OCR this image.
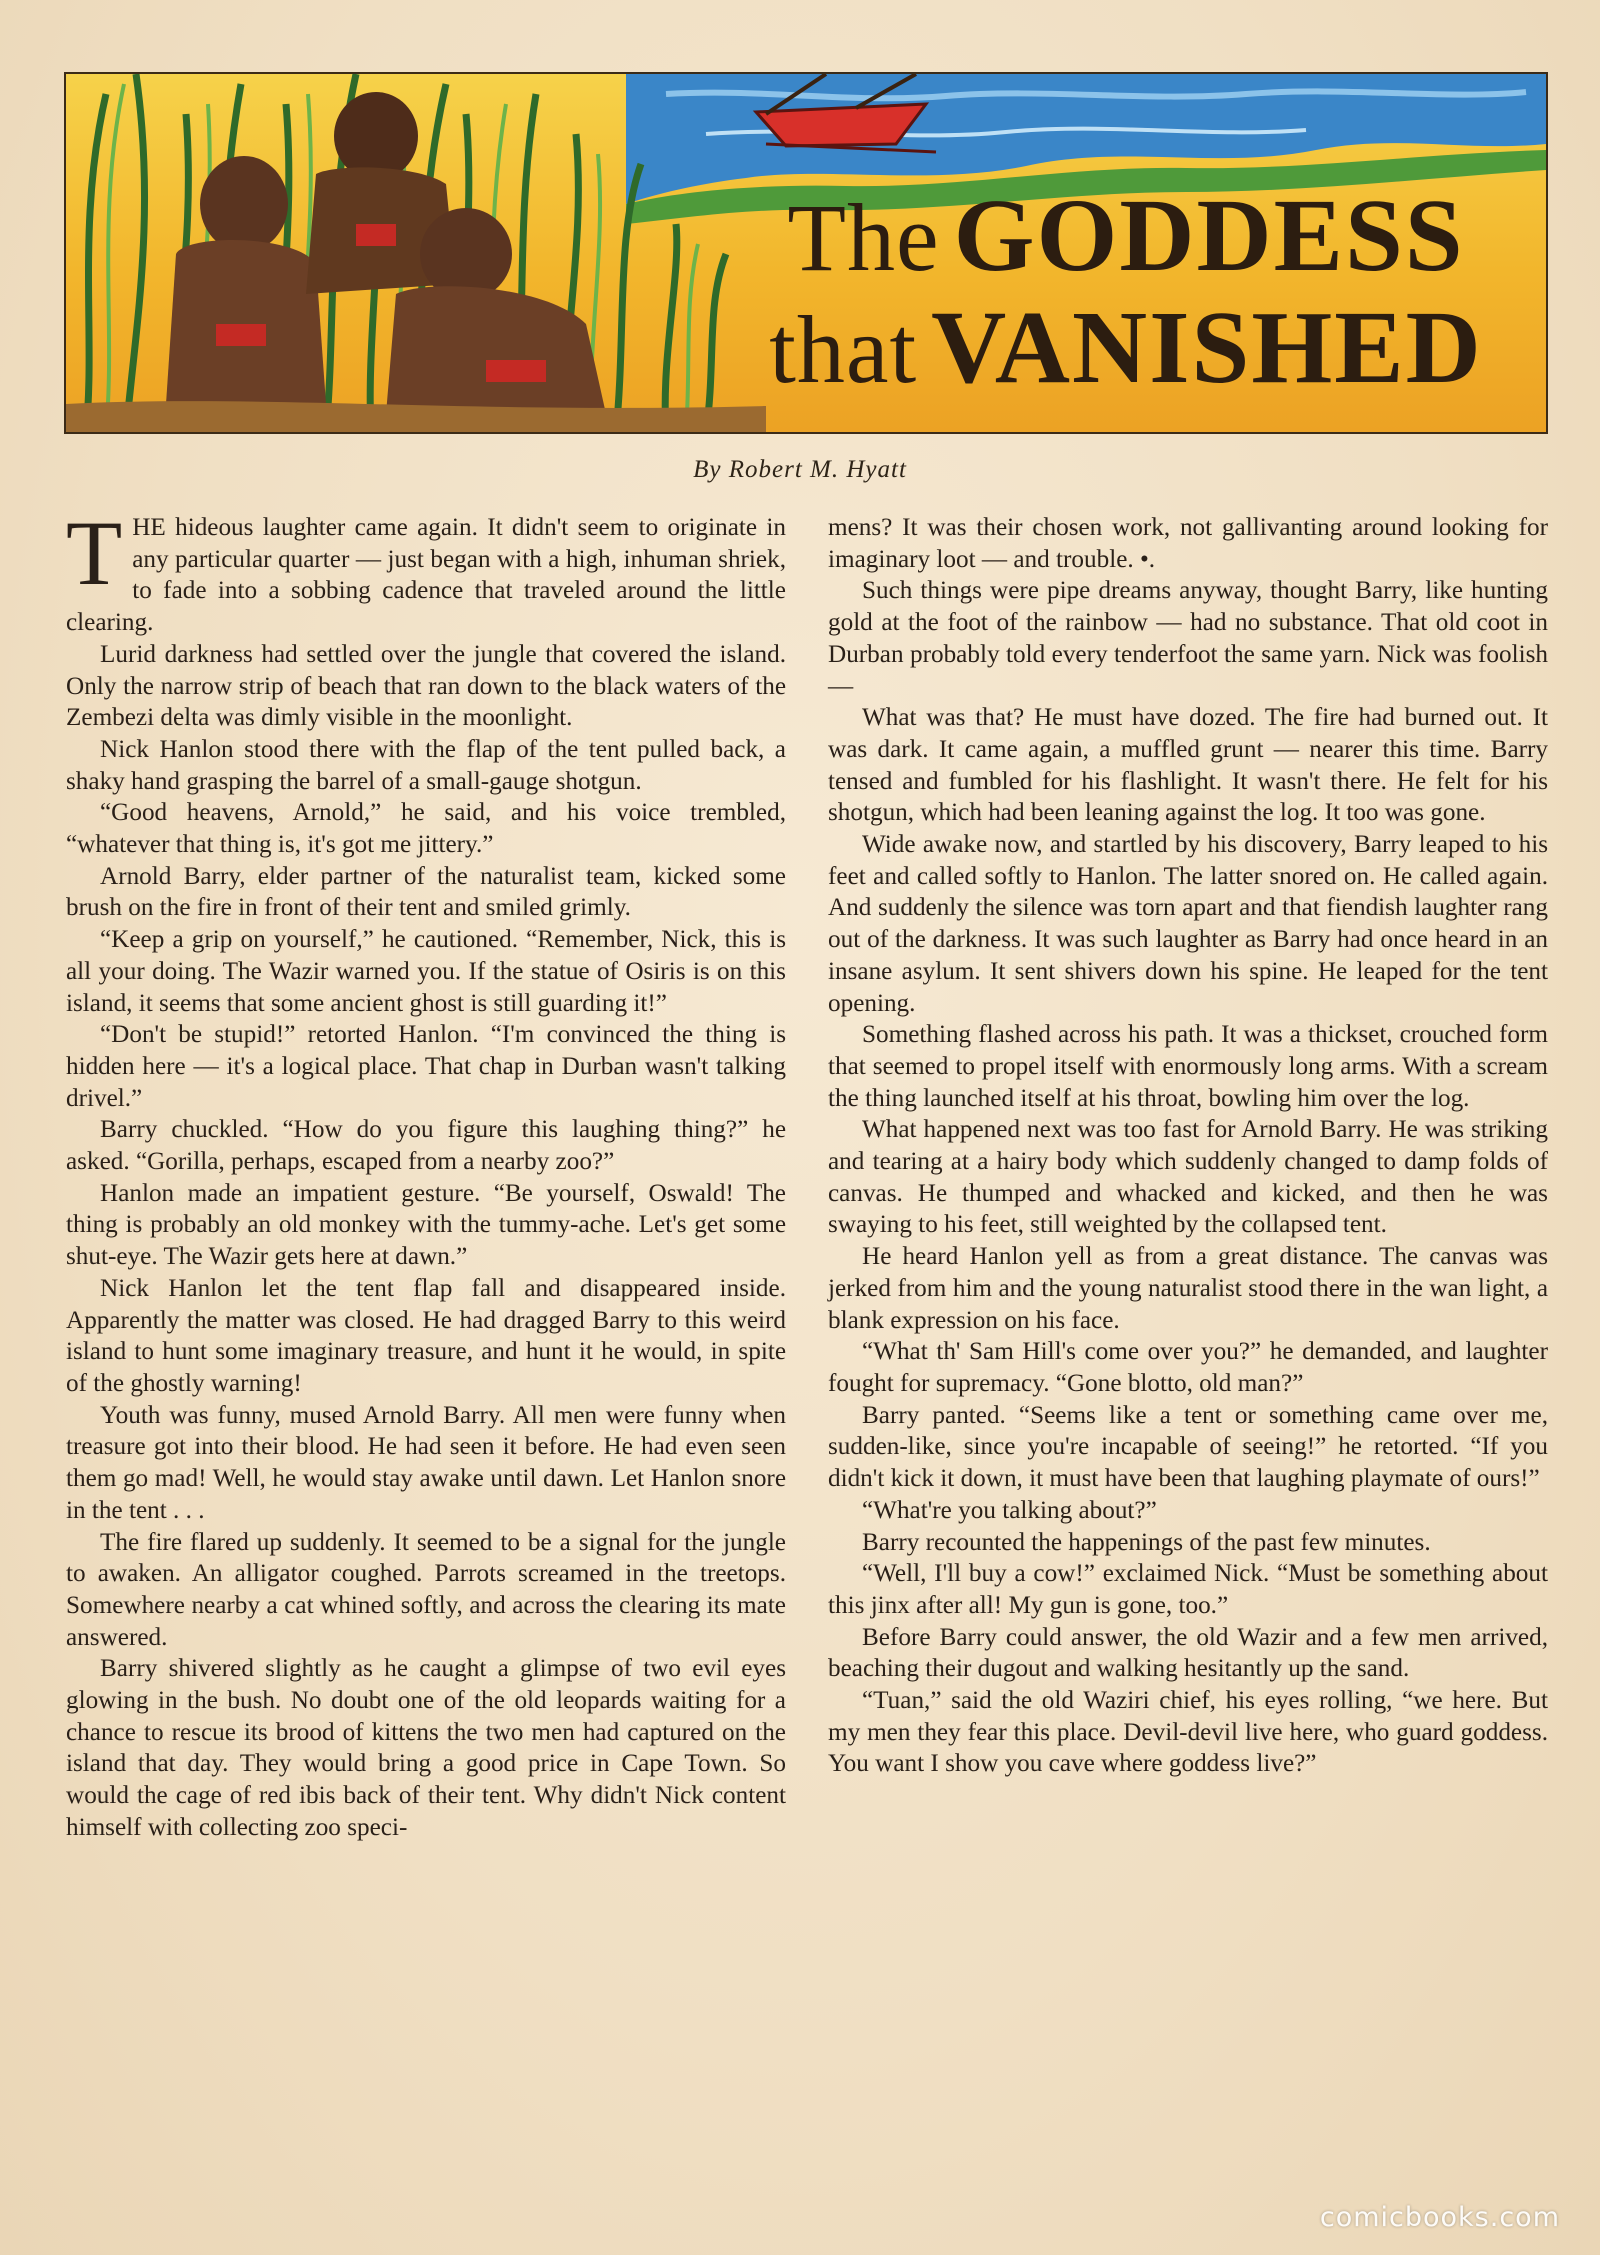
The GODDESS
that VANISHED
By Robert M. Hyatt

THE hideous laughter came again. It didn't seem to originate in any particular quarter — just began with a high, inhuman shriek, to fade into a sobbing cadence that traveled around the little clearing.

Lurid darkness had settled over the jungle that covered the island. Only the narrow strip of beach that ran down to the black waters of the Zembezi delta was dimly visible in the moonlight.

Nick Hanlon stood there with the flap of the tent pulled back, a shaky hand grasping the barrel of a small-gauge shotgun.

“Good heavens, Arnold,” he said, and his voice trembled, “whatever that thing is, it's got me jittery.”

Arnold Barry, elder partner of the naturalist team, kicked some brush on the fire in front of their tent and smiled grimly.

“Keep a grip on yourself,” he cautioned. “Remember, Nick, this is all your doing. The Wazir warned you. If the statue of Osiris is on this island, it seems that some ancient ghost is still guarding it!”

“Don't be stupid!” retorted Hanlon. “I'm convinced the thing is hidden here — it's a logical place. That chap in Durban wasn't talking drivel.”

Barry chuckled. “How do you figure this laughing thing?” he asked. “Gorilla, perhaps, escaped from a nearby zoo?”

Hanlon made an impatient gesture. “Be yourself, Oswald! The thing is probably an old monkey with the tummy-ache. Let's get some shut-eye. The Wazir gets here at dawn.”

Nick Hanlon let the tent flap fall and disappeared inside. Apparently the matter was closed. He had dragged Barry to this weird island to hunt some imaginary treasure, and hunt it he would, in spite of the ghostly warning!

Youth was funny, mused Arnold Barry. All men were funny when treasure got into their blood. He had seen it before. He had even seen them go mad! Well, he would stay awake until dawn. Let Hanlon snore in the tent . . .

The fire flared up suddenly. It seemed to be a signal for the jungle to awaken. An alligator coughed. Parrots screamed in the treetops. Somewhere nearby a cat whined softly, and across the clearing its mate answered.

Barry shivered slightly as he caught a glimpse of two evil eyes glowing in the bush. No doubt one of the old leopards waiting for a chance to rescue its brood of kittens the two men had captured on the island that day. They would bring a good price in Cape Town. So would the cage of red ibis back of their tent. Why didn't Nick content himself with collecting zoo speci-

mens? It was their chosen work, not gallivanting around looking for imaginary loot — and trouble. •.

Such things were pipe dreams anyway, thought Barry, like hunting gold at the foot of the rainbow — had no substance. That old coot in Durban probably told every tenderfoot the same yarn. Nick was foolish —

What was that? He must have dozed. The fire had burned out. It was dark. It came again, a muffled grunt — nearer this time. Barry tensed and fumbled for his flashlight. It wasn't there. He felt for his shotgun, which had been leaning against the log. It too was gone.

Wide awake now, and startled by his discovery, Barry leaped to his feet and called softly to Hanlon. The latter snored on. He called again. And suddenly the silence was torn apart and that fiendish laughter rang out of the darkness. It was such laughter as Barry had once heard in an insane asylum. It sent shivers down his spine. He leaped for the tent opening.

Something flashed across his path. It was a thickset, crouched form that seemed to propel itself with enormously long arms. With a scream the thing launched itself at his throat, bowling him over the log.

What happened next was too fast for Arnold Barry. He was striking and tearing at a hairy body which suddenly changed to damp folds of canvas. He thumped and whacked and kicked, and then he was swaying to his feet, still weighted by the collapsed tent.

He heard Hanlon yell as from a great distance. The canvas was jerked from him and the young naturalist stood there in the wan light, a blank expression on his face.

“What th' Sam Hill's come over you?” he demanded, and laughter fought for supremacy. “Gone blotto, old man?”

Barry panted. “Seems like a tent or something came over me, sudden-like, since you're incapable of seeing!” he retorted. “If you didn't kick it down, it must have been that laughing playmate of ours!”

“What're you talking about?”

Barry recounted the happenings of the past few minutes.

“Well, I'll buy a cow!” exclaimed Nick. “Must be something about this jinx after all! My gun is gone, too.”

Before Barry could answer, the old Wazir and a few men arrived, beaching their dugout and walking hesitantly up the sand.

“Tuan,” said the old Waziri chief, his eyes rolling, “we here. But my men they fear this place. Devil-devil live here, who guard goddess. You want I show you cave where goddess live?”

comicbooks.com
